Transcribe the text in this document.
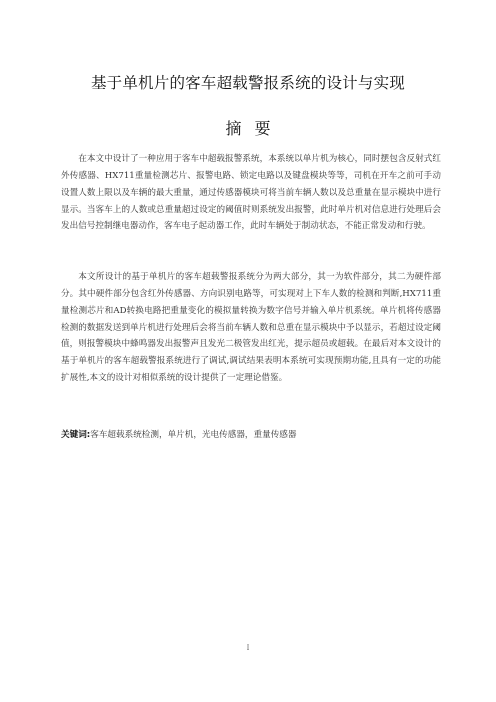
基于单机片的客车超载警报系统的设计与实现
摘要

在本文中设计了一种应用于客车中超载报警系统，本系统以单片机为核心，同时摆包含反射式红外传感器、HX711重量检测芯片、报警电路、锁定电路以及键盘模块等等，司机在开车之前可手动设置人数上限以及车辆的最大重量，通过传感器模块可将当前车辆人数以及总重量在显示模块中进行显示。当客车上的人数或总重量超过设定的阈值时则系统发出报警，此时单片机对信息进行处理后会发出信号控制继电器动作，客车电子起动器工作，此时车辆处于制动状态，不能正常发动和行驶。

本文所设计的基于单机片的客车超载警报系统分为两大部分，其一为软件部分，其二为硬件部分。其中硬件部分包含红外传感器、方向识别电路等，可实现对上下车人数的检测和判断,HX711重量检测芯片和AD转换电路把重量变化的模拟量转换为数字信号并输入单片机系统。单片机将传感器检测的数据发送到单片机进行处理后会将当前车辆人数和总重在显示模块中予以显示，若超过设定阈值，则报警模块中蜂鸣器发出报警声且发光二极管发出红光，提示超员或超载。在最后对本文设计的基于单机片的客车超载警报系统进行了调试,调试结果表明本系统可实现预期功能,且具有一定的功能扩展性,本文的设计对相似系统的设计提供了一定理论借鉴。

关键词:客车超载系统检测，单片机，光电传感器，重量传感器
I
